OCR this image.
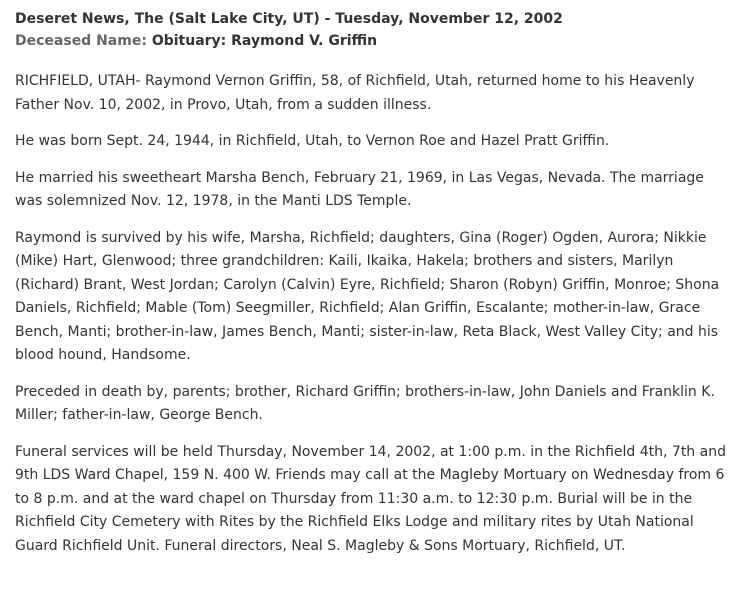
Deseret News, The (Salt Lake City, UT) - Tuesday, November 12, 2002
Deceased Name: Obituary: Raymond V. Griffin

RICHFIELD, UTAH- Raymond Vernon Griffin, 58, of Richfield, Utah, returned home to his Heavenly Father Nov. 10, 2002, in Provo, Utah, from a sudden illness.

He was born Sept. 24, 1944, in Richfield, Utah, to Vernon Roe and Hazel Pratt Griffin.

He married his sweetheart Marsha Bench, February 21, 1969, in Las Vegas, Nevada. The marriage was solemnized Nov. 12, 1978, in the Manti LDS Temple.

Raymond is survived by his wife, Marsha, Richfield; daughters, Gina (Roger) Ogden, Aurora; Nikkie (Mike) Hart, Glenwood; three grandchildren: Kaili, Ikaika, Hakela; brothers and sisters, Marilyn (Richard) Brant, West Jordan; Carolyn (Calvin) Eyre, Richfield; Sharon (Robyn) Griffin, Monroe; Shona Daniels, Richfield; Mable (Tom) Seegmiller, Richfield; Alan Griffin, Escalante; mother-in-law, Grace Bench, Manti; brother-in-law, James Bench, Manti; sister-in-law, Reta Black, West Valley City; and his blood hound, Handsome.

Preceded in death by, parents; brother, Richard Griffin; brothers-in-law, John Daniels and Franklin K. Miller; father-in-law, George Bench.

Funeral services will be held Thursday, November 14, 2002, at 1:00 p.m. in the Richfield 4th, 7th and 9th LDS Ward Chapel, 159 N. 400 W. Friends may call at the Magleby Mortuary on Wednesday from 6 to 8 p.m. and at the ward chapel on Thursday from 11:30 a.m. to 12:30 p.m. Burial will be in the Richfield City Cemetery with Rites by the Richfield Elks Lodge and military rites by Utah National Guard Richfield Unit. Funeral directors, Neal S. Magleby & Sons Mortuary, Richfield, UT.
